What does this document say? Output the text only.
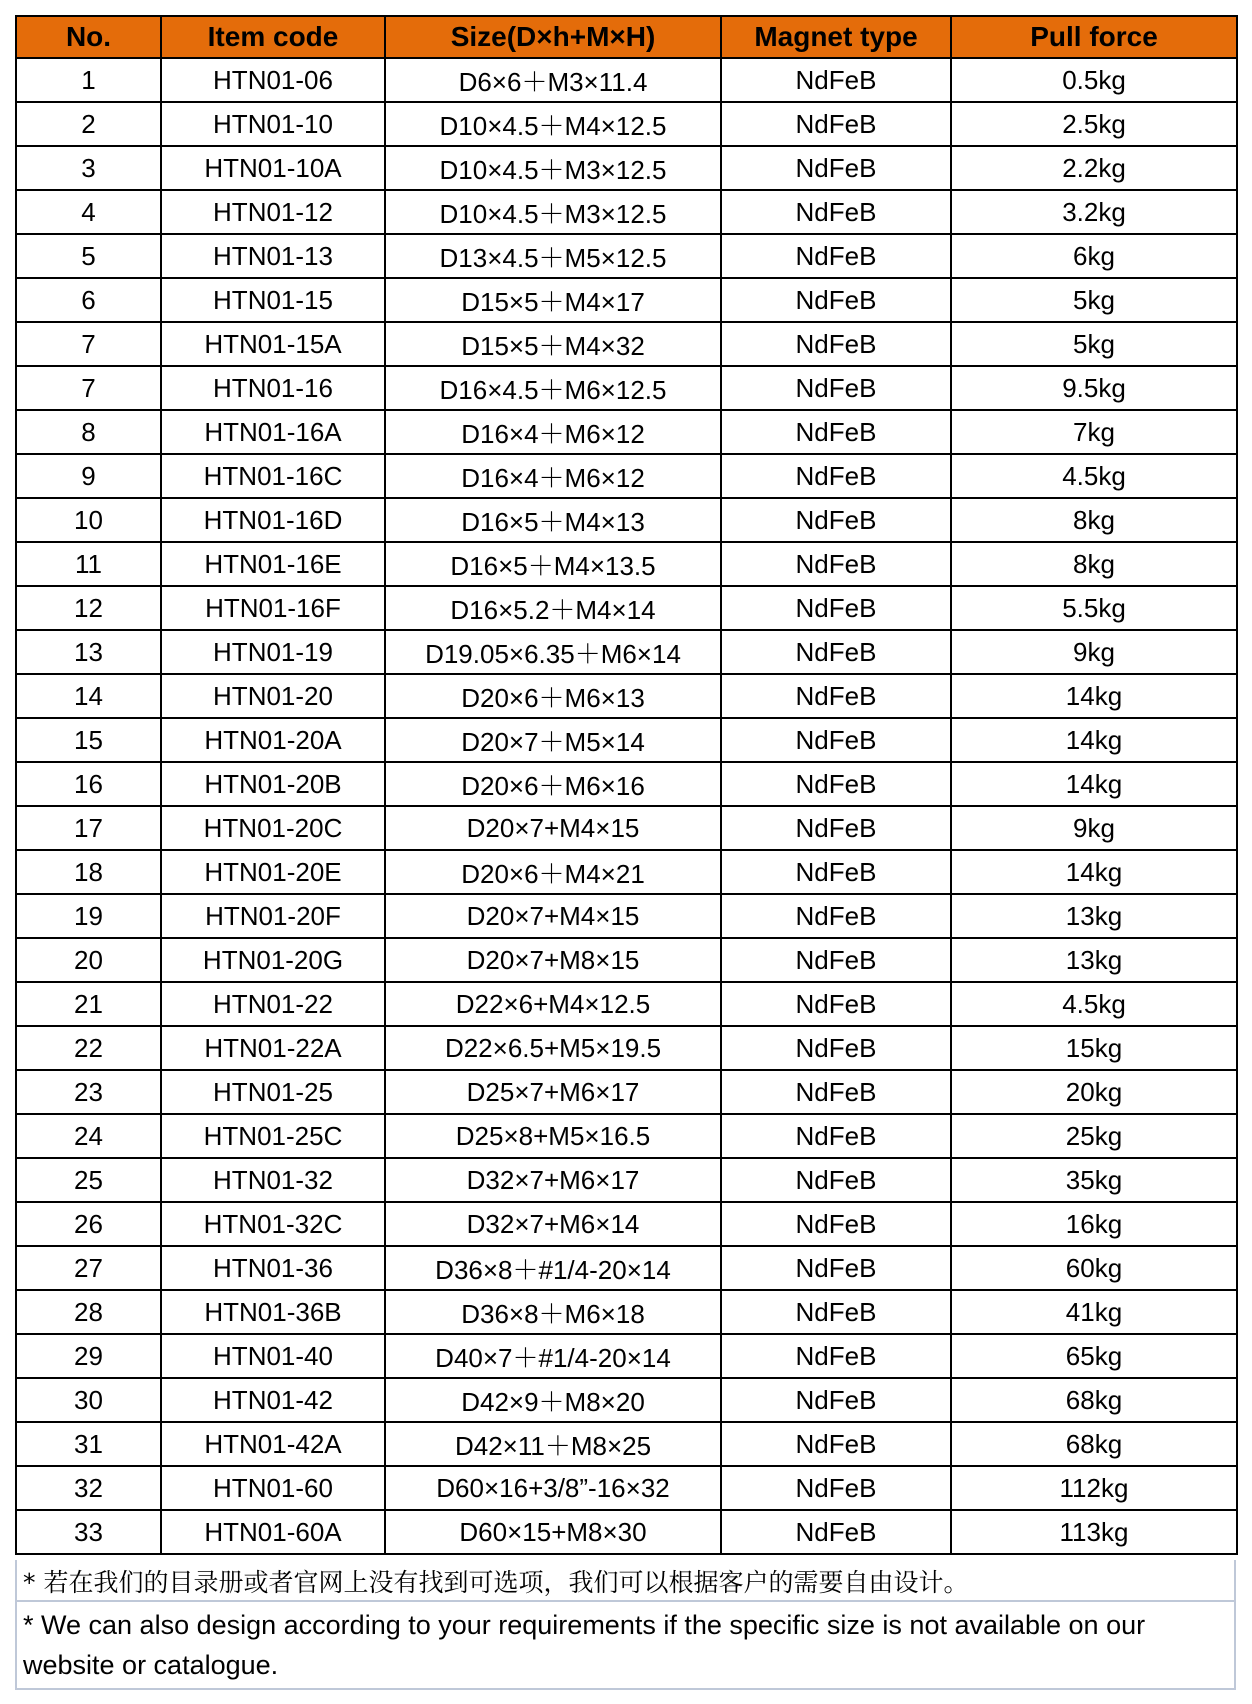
No.	Item code	Size(D×h+M×H)	Magnet type	Pull force
1	HTN01-06	D6×6＋M3×11.4	NdFeB	0.5kg
2	HTN01-10	D10×4.5＋M4×12.5	NdFeB	2.5kg
3	HTN01-10A	D10×4.5＋M3×12.5	NdFeB	2.2kg
4	HTN01-12	D10×4.5＋M3×12.5	NdFeB	3.2kg
5	HTN01-13	D13×4.5＋M5×12.5	NdFeB	6kg
6	HTN01-15	D15×5＋M4×17	NdFeB	5kg
7	HTN01-15A	D15×5＋M4×32	NdFeB	5kg
7	HTN01-16	D16×4.5＋M6×12.5	NdFeB	9.5kg
8	HTN01-16A	D16×4＋M6×12	NdFeB	7kg
9	HTN01-16C	D16×4＋M6×12	NdFeB	4.5kg
10	HTN01-16D	D16×5＋M4×13	NdFeB	8kg
11	HTN01-16E	D16×5＋M4×13.5	NdFeB	8kg
12	HTN01-16F	D16×5.2＋M4×14	NdFeB	5.5kg
13	HTN01-19	D19.05×6.35＋M6×14	NdFeB	9kg
14	HTN01-20	D20×6＋M6×13	NdFeB	14kg
15	HTN01-20A	D20×7＋M5×14	NdFeB	14kg
16	HTN01-20B	D20×6＋M6×16	NdFeB	14kg
17	HTN01-20C	D20×7+M4×15	NdFeB	9kg
18	HTN01-20E	D20×6＋M4×21	NdFeB	14kg
19	HTN01-20F	D20×7+M4×15	NdFeB	13kg
20	HTN01-20G	D20×7+M8×15	NdFeB	13kg
21	HTN01-22	D22×6+M4×12.5	NdFeB	4.5kg
22	HTN01-22A	D22×6.5+M5×19.5	NdFeB	15kg
23	HTN01-25	D25×7+M6×17	NdFeB	20kg
24	HTN01-25C	D25×8+M5×16.5	NdFeB	25kg
25	HTN01-32	D32×7+M6×17	NdFeB	35kg
26	HTN01-32C	D32×7+M6×14	NdFeB	16kg
27	HTN01-36	D36×8＋#1/4-20×14	NdFeB	60kg
28	HTN01-36B	D36×8＋M6×18	NdFeB	41kg
29	HTN01-40	D40×7＋#1/4-20×14	NdFeB	65kg
30	HTN01-42	D42×9＋M8×20	NdFeB	68kg
31	HTN01-42A	D42×11＋M8×25	NdFeB	68kg
32	HTN01-60	D60×16+3/8”-16×32	NdFeB	112kg
33	HTN01-60A	D60×15+M8×30	NdFeB	113kg
* 若在我们的目录册或者官网上没有找到可选项，我们可以根据客户的需要自由设计。
* We can also design according to your requirements if the specific size is not available on our website or catalogue.
